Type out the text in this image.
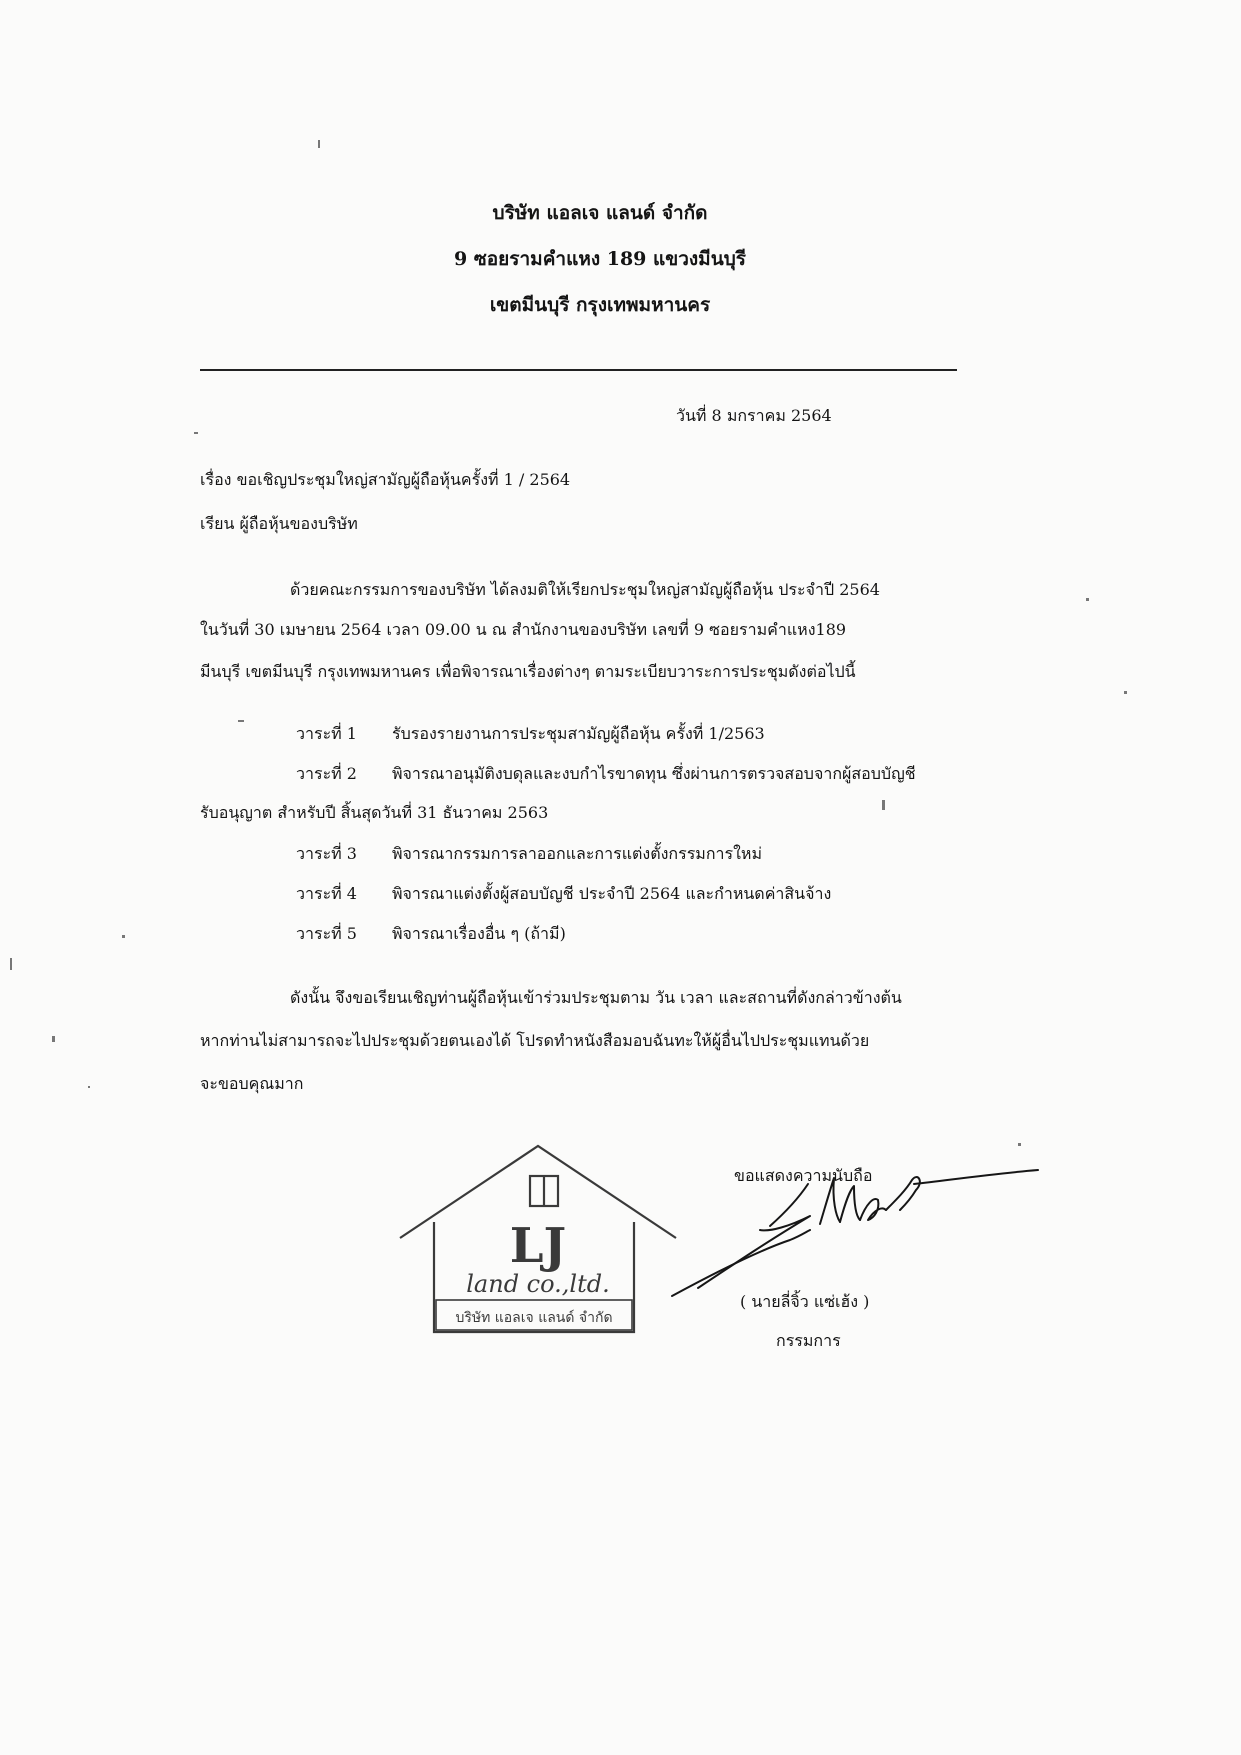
บริษัท แอลเจ แลนด์ จำกัด
9 ซอยรามคำแหง 189 แขวงมีนบุรี
เขตมีนบุรี กรุงเทพมหานคร
วันที่ 8 มกราคม 2564
เรื่อง ขอเชิญประชุมใหญ่สามัญผู้ถือหุ้นครั้งที่ 1 / 2564
เรียน ผู้ถือหุ้นของบริษัท
ด้วยคณะกรรมการของบริษัท ได้ลงมติให้เรียกประชุมใหญ่สามัญผู้ถือหุ้น ประจำปี 2564
ในวันที่ 30 เมษายน 2564 เวลา 09.00 น ณ สำนักงานของบริษัท เลขที่ 9 ซอยรามคำแหง189
มีนบุรี เขตมีนบุรี กรุงเทพมหานคร เพื่อพิจารณาเรื่องต่างๆ ตามระเบียบวาระการประชุมดังต่อไปนี้
วาระที่ 1 รับรองรายงานการประชุมสามัญผู้ถือหุ้น ครั้งที่ 1/2563
วาระที่ 2 พิจารณาอนุมัติงบดุลและงบกำไรขาดทุน ซึ่งผ่านการตรวจสอบจากผู้สอบบัญชี
รับอนุญาต สำหรับปี สิ้นสุดวันที่ 31 ธันวาคม 2563
วาระที่ 3 พิจารณากรรมการลาออกและการแต่งตั้งกรรมการใหม่
วาระที่ 4 พิจารณาแต่งตั้งผู้สอบบัญชี ประจำปี 2564 และกำหนดค่าสินจ้าง
วาระที่ 5 พิจารณาเรื่องอื่น ๆ (ถ้ามี)
ดังนั้น จึงขอเรียนเชิญท่านผู้ถือหุ้นเข้าร่วมประชุมตาม วัน เวลา และสถานที่ดังกล่าวข้างต้น
หากท่านไม่สามารถจะไปประชุมด้วยตนเองได้ โปรดทำหนังสือมอบฉันทะให้ผู้อื่นไปประชุมแทนด้วย
จะขอบคุณมาก
LJ
land co.,ltd.
บริษัท แอลเจ แลนด์ จำกัด
ขอแสดงความนับถือ
( นายลี่จิ้ว แซ่เฮ้ง )
กรรมการ
